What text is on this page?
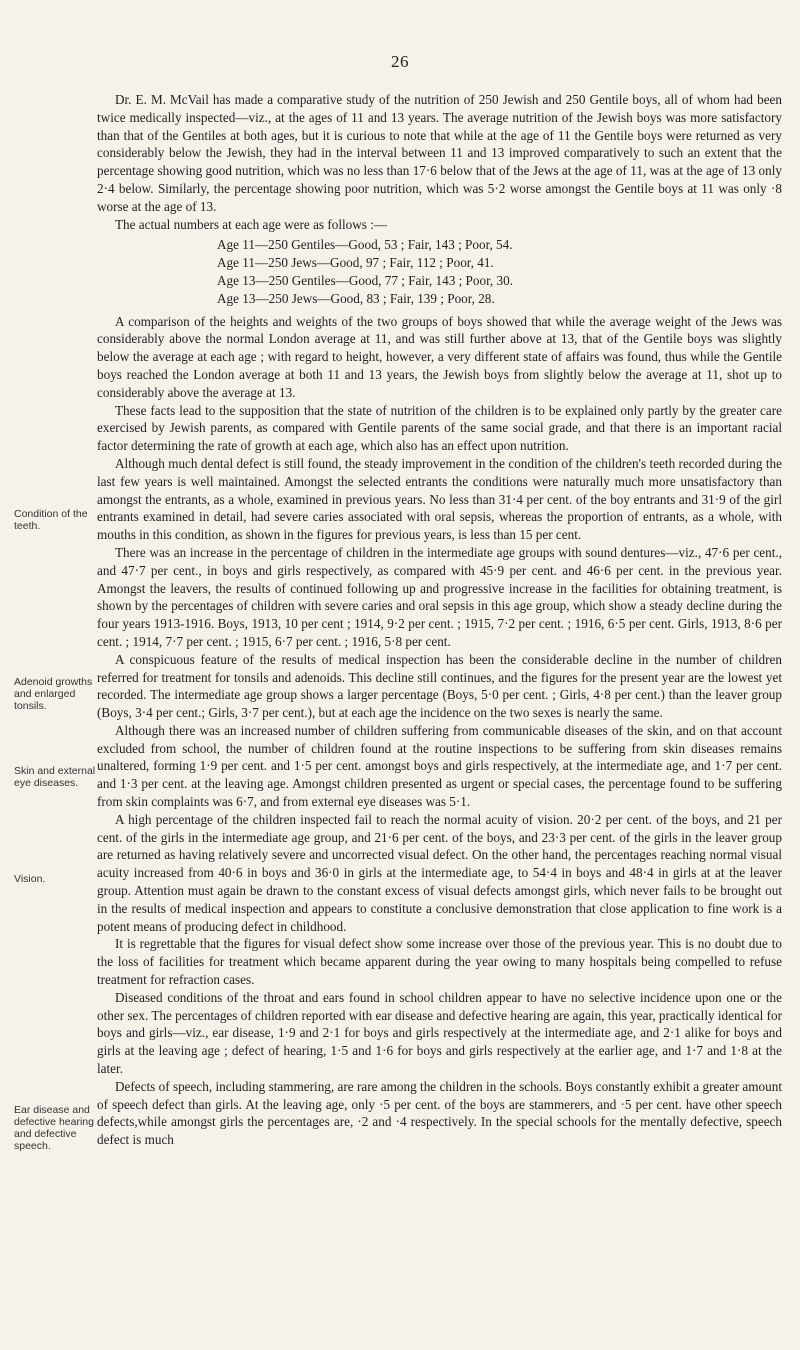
26

Dr. E. M. McVail has made a comparative study of the nutrition of 250 Jewish and 250 Gentile boys, all of whom had been twice medically inspected—viz., at the ages of 11 and 13 years. The average nutrition of the Jewish boys was more satisfactory than that of the Gentiles at both ages, but it is curious to note that while at the age of 11 the Gentile boys were returned as very considerably below the Jewish, they had in the interval between 11 and 13 improved comparatively to such an extent that the percentage showing good nutrition, which was no less than 17·6 below that of the Jews at the age of 11, was at the age of 13 only 2·4 below. Similarly, the percentage showing poor nutrition, which was 5·2 worse amongst the Gentile boys at 11 was only ·8 worse at the age of 13.

The actual numbers at each age were as follows :—

Age 11—250 Gentiles—Good, 53 ; Fair, 143 ; Poor, 54.
Age 11—250 Jews—Good, 97 ; Fair, 112 ; Poor, 41.
Age 13—250 Gentiles—Good, 77 ; Fair, 143 ; Poor, 30.
Age 13—250 Jews—Good, 83 ; Fair, 139 ; Poor, 28.

A comparison of the heights and weights of the two groups of boys showed that while the average weight of the Jews was considerably above the normal London average at 11, and was still further above at 13, that of the Gentile boys was slightly below the average at each age ; with regard to height, however, a very different state of affairs was found, thus while the Gentile boys reached the London average at both 11 and 13 years, the Jewish boys from slightly below the average at 11, shot up to considerably above the average at 13.

These facts lead to the supposition that the state of nutrition of the children is to be explained only partly by the greater care exercised by Jewish parents, as compared with Gentile parents of the same social grade, and that there is an important racial factor determining the rate of growth at each age, which also has an effect upon nutrition.

Although much dental defect is still found, the steady improvement in the condition of the children's teeth recorded during the last few years is well maintained. Amongst the selected entrants the conditions were naturally much more unsatisfactory than amongst the entrants, as a whole, examined in previous years. No less than 31·4 per cent. of the boy entrants and 31·9 of the girl entrants examined in detail, had severe caries associated with oral sepsis, whereas the proportion of entrants, as a whole, with mouths in this condition, as shown in the figures for previous years, is less than 15 per cent.

There was an increase in the percentage of children in the intermediate age groups with sound dentures—viz., 47·6 per cent., and 47·7 per cent., in boys and girls respectively, as compared with 45·9 per cent. and 46·6 per cent. in the previous year. Amongst the leavers, the results of continued following up and progressive increase in the facilities for obtaining treatment, is shown by the percentages of children with severe caries and oral sepsis in this age group, which show a steady decline during the four years 1913-1916. Boys, 1913, 10 per cent ; 1914, 9·2 per cent. ; 1915, 7·2 per cent. ; 1916, 6·5 per cent. Girls, 1913, 8·6 per cent. ; 1914, 7·7 per cent. ; 1915, 6·7 per cent. ; 1916, 5·8 per cent.

A conspicuous feature of the results of medical inspection has been the considerable decline in the number of children referred for treatment for tonsils and adenoids. This decline still continues, and the figures for the present year are the lowest yet recorded. The intermediate age group shows a larger percentage (Boys, 5·0 per cent. ; Girls, 4·8 per cent.) than the leaver group (Boys, 3·4 per cent.; Girls, 3·7 per cent.), but at each age the incidence on the two sexes is nearly the same.

Although there was an increased number of children suffering from communicable diseases of the skin, and on that account excluded from school, the number of children found at the routine inspections to be suffering from skin diseases remains unaltered, forming 1·9 per cent. and 1·5 per cent. amongst boys and girls respectively, at the intermediate age, and 1·7 per cent. and 1·3 per cent. at the leaving age. Amongst children presented as urgent or special cases, the percentage found to be suffering from skin complaints was 6·7, and from external eye diseases was 5·1.

A high percentage of the children inspected fail to reach the normal acuity of vision. 20·2 per cent. of the boys, and 21 per cent. of the girls in the intermediate age group, and 21·6 per cent. of the boys, and 23·3 per cent. of the girls in the leaver group are returned as having relatively severe and uncorrected visual defect. On the other hand, the percentages reaching normal visual acuity increased from 40·6 in boys and 36·0 in girls at the intermediate age, to 54·4 in boys and 48·4 in girls at at the leaver group. Attention must again be drawn to the constant excess of visual defects amongst girls, which never fails to be brought out in the results of medical inspection and appears to constitute a conclusive demonstration that close application to fine work is a potent means of producing defect in childhood.

It is regrettable that the figures for visual defect show some increase over those of the previous year. This is no doubt due to the loss of facilities for treatment which became apparent during the year owing to many hospitals being compelled to refuse treatment for refraction cases.

Diseased conditions of the throat and ears found in school children appear to have no selective incidence upon one or the other sex. The percentages of children reported with ear disease and defective hearing are again, this year, practically identical for boys and girls—viz., ear disease, 1·9 and 2·1 for boys and girls respectively at the intermediate age, and 2·1 alike for boys and girls at the leaving age ; defect of hearing, 1·5 and 1·6 for boys and girls respectively at the earlier age, and 1·7 and 1·8 at the later.

Defects of speech, including stammering, are rare among the children in the schools. Boys constantly exhibit a greater amount of speech defect than girls. At the leaving age, only ·5 per cent. of the boys are stammerers, and ·5 per cent. have other speech defects,while amongst girls the percentages are, ·2 and ·4 respectively. In the special schools for the mentally defective, speech defect is much

Condition of the teeth.
Adenoid growths and enlarged tonsils.
Skin and external eye diseases.
Vision.
Ear disease and defective hearing and defective speech.
